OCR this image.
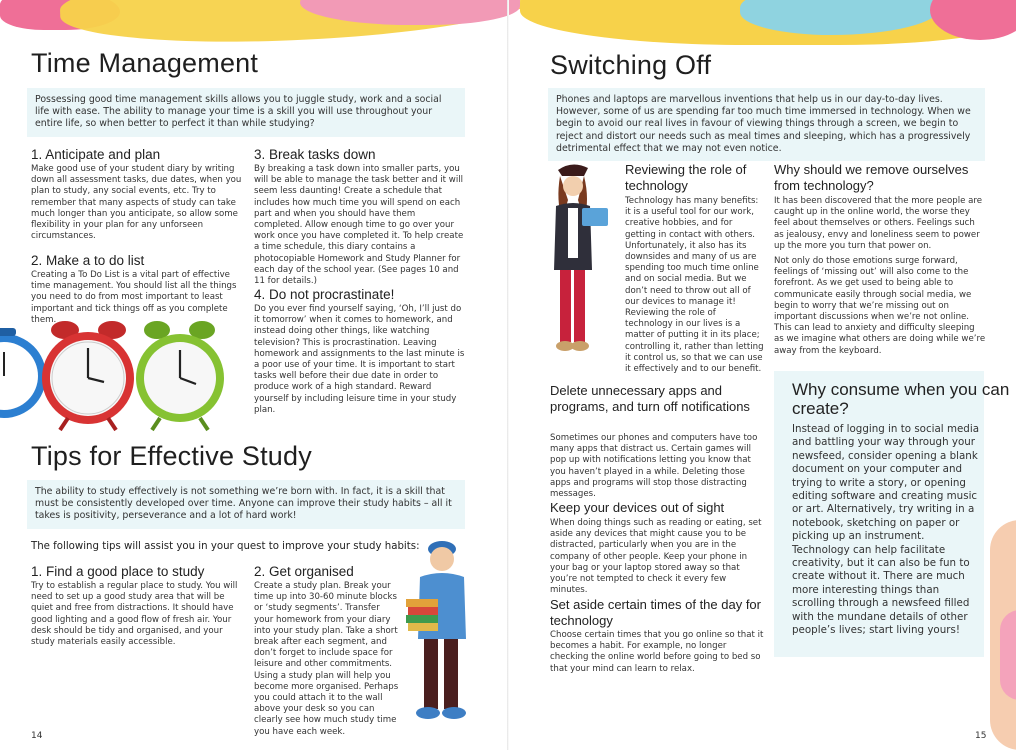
Time Management
Possessing good time management skills allows you to juggle study, work and a social life with ease. The ability to manage your time is a skill you will use throughout your entire life, so when better to perfect it than while studying?
1. Anticipate and plan
Make good use of your student diary by writing down all assessment tasks, due dates, when you plan to study, any social events, etc. Try to remember that many aspects of study can take much longer than you anticipate, so allow some flexibility in your plan for any unforseen circumstances.
2. Make a to do list
Creating a To Do List is a vital part of effective time management. You should list all the things you need to do from most important to least important and tick things off as you complete them.
3. Break tasks down
By breaking a task down into smaller parts, you will be able to manage the task better and it will seem less daunting! Create a schedule that includes how much time you will spend on each part and when you should have them completed. Allow enough time to go over your work once you have completed it. To help create a time schedule, this diary contains a photocopiable Homework and Study Planner for each day of the school year. (See pages 10 and 11 for details.)
4. Do not procrastinate!
Do you ever find yourself saying, ‘Oh, I’ll just do it tomorrow’ when it comes to homework, and instead doing other things, like watching television? This is procrastination. Leaving homework and assignments to the last minute is a poor use of your time. It is important to start tasks well before their due date in order to produce work of a high standard. Reward yourself by including leisure time in your study plan.
Tips for Effective Study
The ability to study effectively is not something we’re born with. In fact, it is a skill that must be consistently developed over time. Anyone can improve their study habits – all it takes is positivity, perseverance and a lot of hard work!
The following tips will assist you in your quest to improve your study habits:
1. Find a good place to study
Try to establish a regular place to study. You will need to set up a good study area that will be quiet and free from distractions. It should have good lighting and a good flow of fresh air. Your desk should be tidy and organised, and your study materials easily accessible.
2. Get organised
Create a study plan. Break your time up into 30-60 minute blocks or ‘study segments’. Transfer your homework from your diary into your study plan. Take a short break after each segment, and don’t forget to include space for leisure and other commitments. Using a study plan will help you become more organised. Perhaps you could attach it to the wall above your desk so you can clearly see how much study time you have each week.
14
Switching Off
Phones and laptops are marvellous inventions that help us in our day-to-day lives. However, some of us are spending far too much time immersed in technology. When we begin to avoid our real lives in favour of viewing things through a screen, we begin to reject and distort our needs such as meal times and sleeping, which has a progressively detrimental effect that we may not even notice.
Reviewing the role of technology
Technology has many benefits: it is a useful tool for our work, creative hobbies, and for getting in contact with others. Unfortunately, it also has its downsides and many of us are spending too much time online and on social media. But we don’t need to throw out all of our devices to manage it! Reviewing the role of technology in our lives is a matter of putting it in its place; controlling it, rather than letting it control us, so that we can use it effectively and to our benefit.
Why should we remove ourselves from technology?
It has been discovered that the more people are caught up in the online world, the worse they feel about themselves or others. Feelings such as jealousy, envy and loneliness seem to power up the more you turn that power on.
Not only do those emotions surge forward, feelings of ‘missing out’ will also come to the forefront. As we get used to being able to communicate easily through social media, we begin to worry that we’re missing out on important discussions when we’re not online. This can lead to anxiety and difficulty sleeping as we imagine what others are doing while we’re away from the keyboard.
Delete unnecessary apps and programs, and turn off notifications
Sometimes our phones and computers have too many apps that distract us. Certain games will pop up with notifications letting you know that you haven’t played in a while. Deleting those apps and programs will stop those distracting messages.
Keep your devices out of sight
When doing things such as reading or eating, set aside any devices that might cause you to be distracted, particularly when you are in the company of other people. Keep your phone in your bag or your laptop stored away so that you’re not tempted to check it every few minutes.
Set aside certain times of the day for technology
Choose certain times that you go online so that it becomes a habit. For example, no longer checking the online world before going to bed so that your mind can learn to relax.
Why consume when you can create?
Instead of logging in to social media and battling your way through your newsfeed, consider opening a blank document on your computer and trying to write a story, or opening editing software and creating music or art. Alternatively, try writing in a notebook, sketching on paper or picking up an instrument. Technology can help facilitate creativity, but it can also be fun to create without it. There are much more interesting things than scrolling through a newsfeed filled with the mundane details of other people’s lives; start living yours!
15
